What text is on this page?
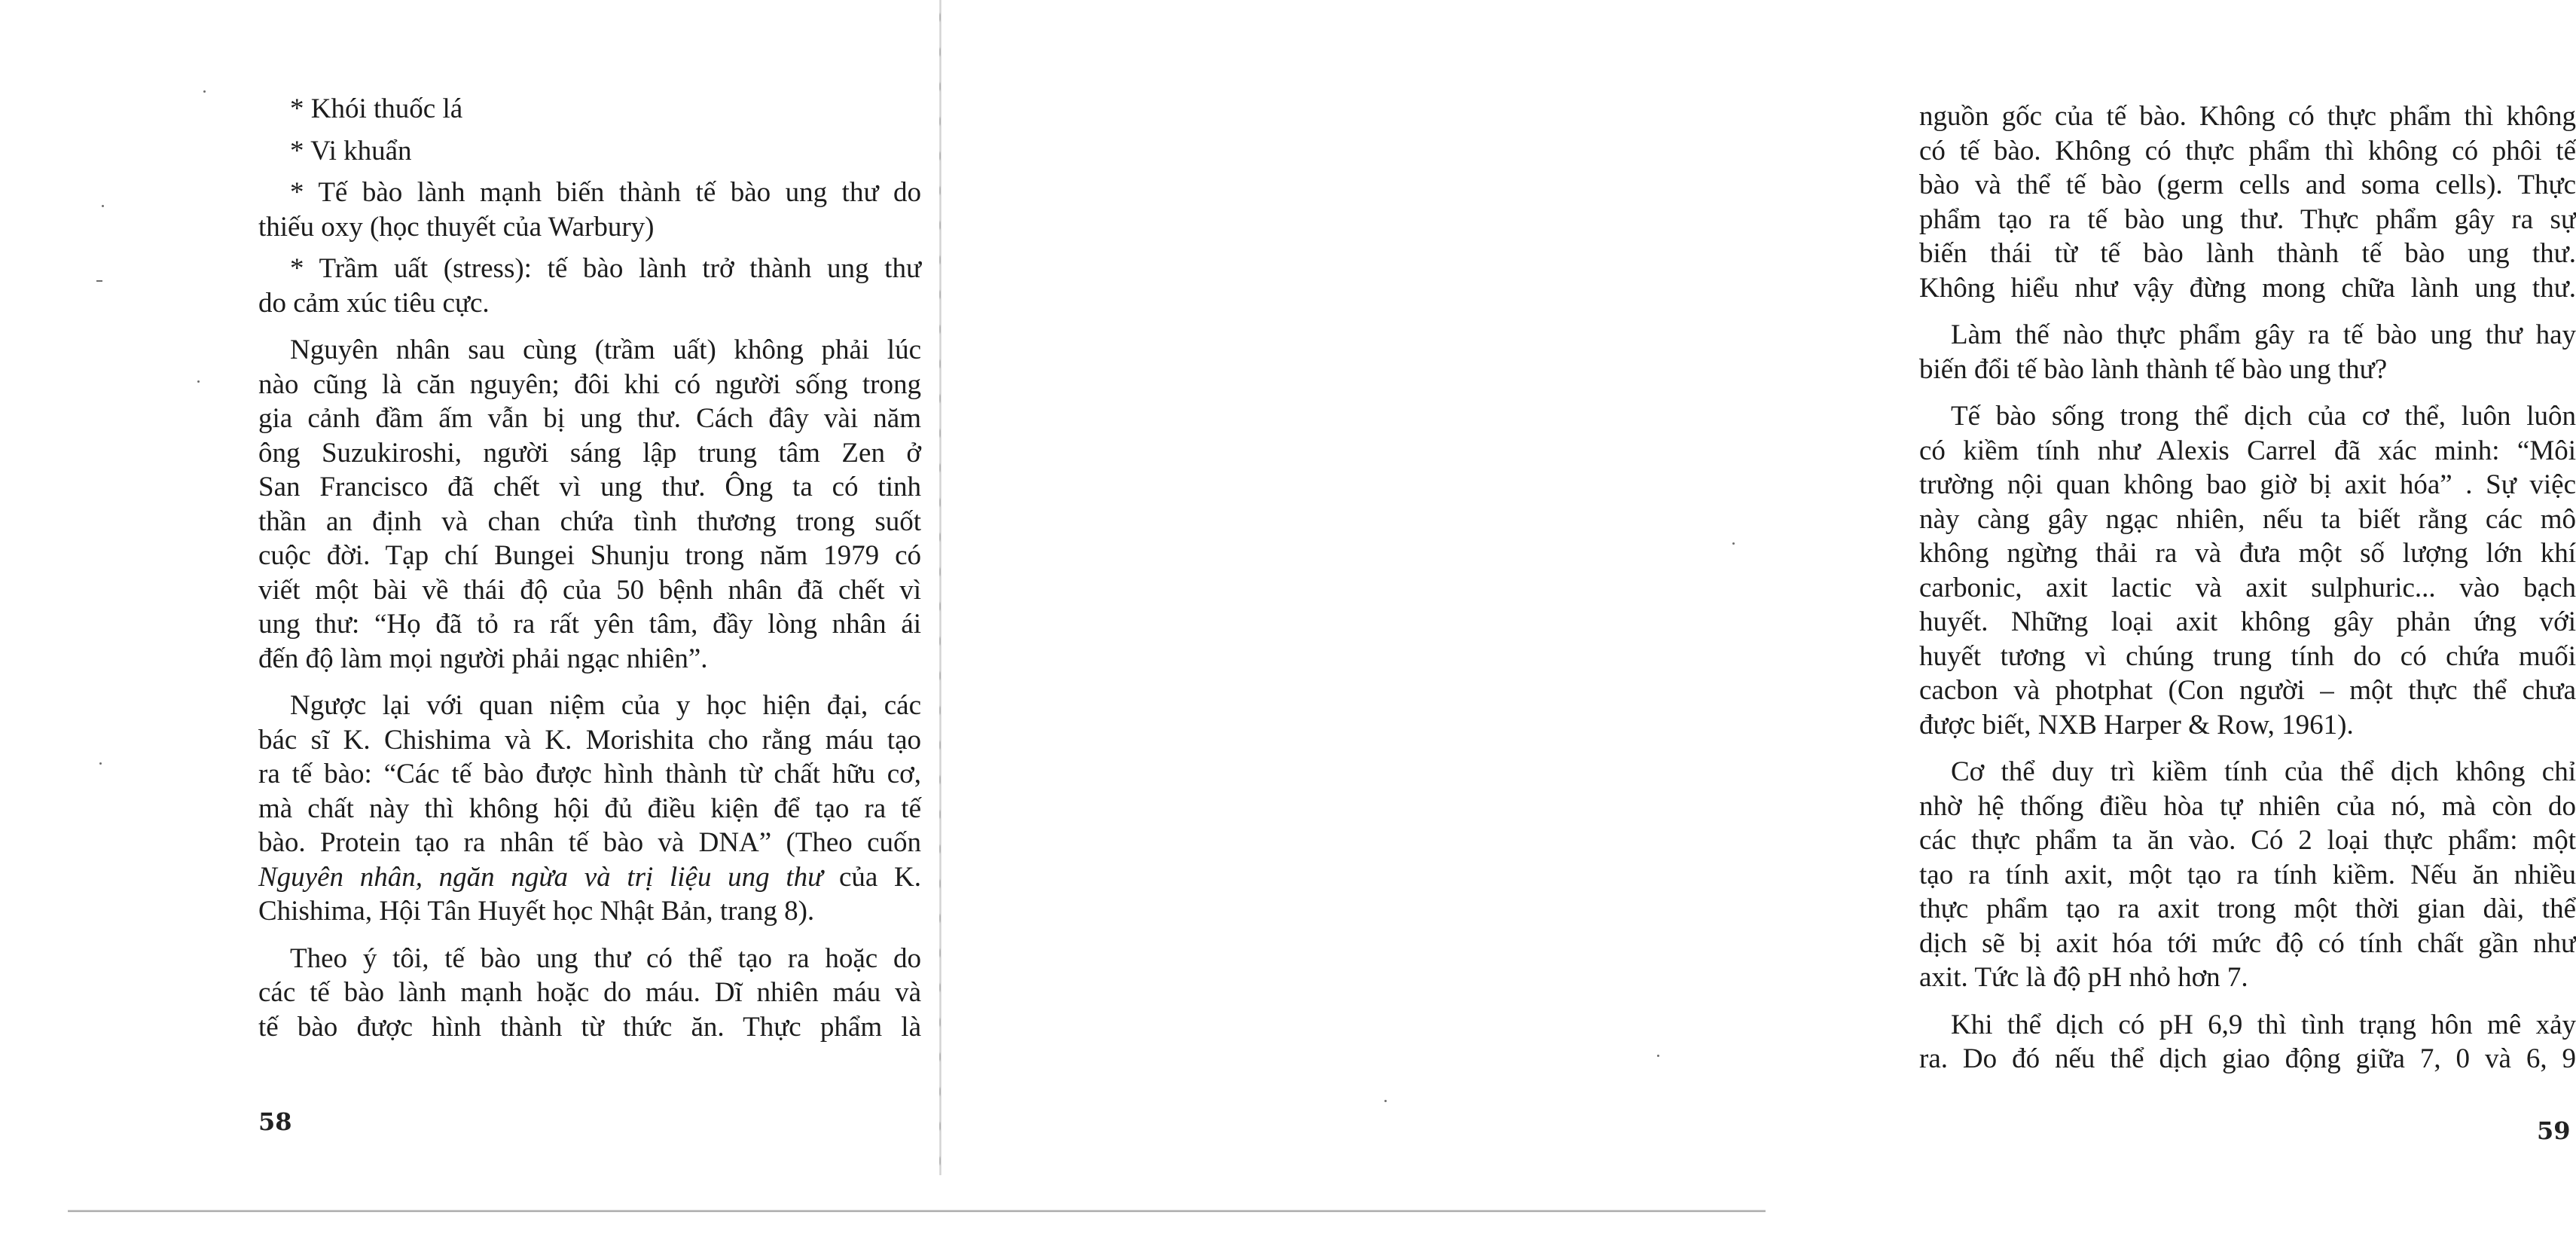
* Khói thuốc lá
* Vi khuẩn
* Tế bào lành mạnh biến thành tế bào ung thư do
thiếu oxy (học thuyết của Warbury)
* Trầm uất (stress): tế bào lành trở thành ung thư
do cảm xúc tiêu cực.
Nguyên nhân sau cùng (trầm uất) không phải lúc
nào cũng là căn nguyên; đôi khi có người sống trong
gia cảnh đầm ấm vẫn bị ung thư. Cách đây vài năm
ông Suzukiroshi, người sáng lập trung tâm Zen ở
San Francisco đã chết vì ung thư. Ông ta có tinh
thần an định và chan chứa tình thương trong suốt
cuộc đời. Tạp chí Bungei Shunju trong năm 1979 có
viết một bài về thái độ của 50 bệnh nhân đã chết vì
ung thư: “Họ đã tỏ ra rất yên tâm, đầy lòng nhân ái
đến độ làm mọi người phải ngạc nhiên”.
Ngược lại với quan niệm của y học hiện đại, các
bác sĩ K. Chishima và K. Morishita cho rằng máu tạo
ra tế bào: “Các tế bào được hình thành từ chất hữu cơ,
mà chất này thì không hội đủ điều kiện để tạo ra tế
bào. Protein tạo ra nhân tế bào và DNA” (Theo cuốn
Nguyên nhân, ngăn ngừa và trị liệu ung thư của K.
Chishima, Hội Tân Huyết học Nhật Bản, trang 8).
Theo ý tôi, tế bào ung thư có thể tạo ra hoặc do
các tế bào lành mạnh hoặc do máu. Dĩ nhiên máu và
tế bào được hình thành từ thức ăn. Thực phẩm là
58
nguồn gốc của tế bào. Không có thực phẩm thì không
có tế bào. Không có thực phẩm thì không có phôi tế
bào và thể tế bào (germ cells and soma cells). Thực
phẩm tạo ra tế bào ung thư. Thực phẩm gây ra sự
biến thái từ tế bào lành thành tế bào ung thư.
Không hiểu như vậy đừng mong chữa lành ung thư.
Làm thế nào thực phẩm gây ra tế bào ung thư hay
biến đổi tế bào lành thành tế bào ung thư?
Tế bào sống trong thể dịch của cơ thể, luôn luôn
có kiềm tính như Alexis Carrel đã xác minh: “Môi
trường nội quan không bao giờ bị axit hóa” . Sự việc
này càng gây ngạc nhiên, nếu ta biết rằng các mô
không ngừng thải ra và đưa một số lượng lớn khí
carbonic, axit lactic và axit sulphuric... vào bạch
huyết. Những loại axit không gây phản ứng với
huyết tương vì chúng trung tính do có chứa muối
cacbon và photphat (Con người – một thực thể chưa
được biết, NXB Harper & Row, 1961).
Cơ thể duy trì kiềm tính của thể dịch không chỉ
nhờ hệ thống điều hòa tự nhiên của nó, mà còn do
các thực phẩm ta ăn vào. Có 2 loại thực phẩm: một
tạo ra tính axit, một tạo ra tính kiềm. Nếu ăn nhiều
thực phẩm tạo ra axit trong một thời gian dài, thể
dịch sẽ bị axit hóa tới mức độ có tính chất gần như
axit. Tức là độ pH nhỏ hơn 7.
Khi thể dịch có pH 6,9 thì tình trạng hôn mê xảy
ra. Do đó nếu thể dịch giao động giữa 7, 0 và 6, 9
59
